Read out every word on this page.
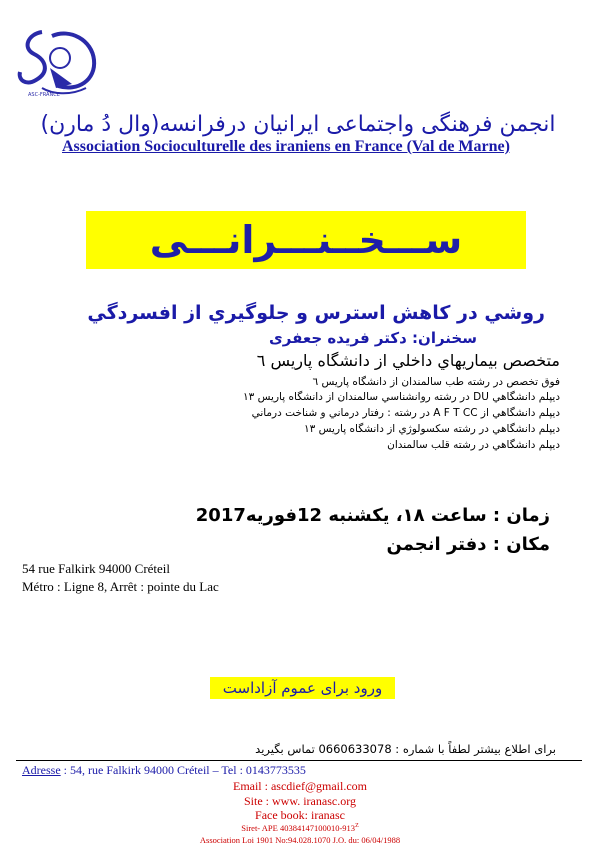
ASC-FRANCE
انجمن فرهنگی واجتماعی ایرانیان درفرانسه(وال دُ مارن)
Association Socioculturelle des iraniens en France (Val de Marne)
ســـخــنـــرانـــی
روشي در كاهش استرس و جلوگيري از افسردگي
سخنران: دکتر فریده جعفری
متخصص بيماريهاي داخلي از دانشگاه پاريس ٦
فوق تخصص در رشته طب سالمندان از دانشگاه پاريس ٦
ديپلم دانشگاهي DU در رشته روانشناسي سالمندان از دانشگاه پاريس ١٣
ديپلم دانشگاهي از A F T CC در رشته : رفتار درماني و شناخت درماني
ديپلم دانشگاهي در رشته سكسولوژي از دانشگاه پاريس ١٣
ديپلم دانشگاهي در رشته قلب سالمندان
زمان : ساعت ١٨، يكشنبه 12فوريه2017
مکان : دفتر انجمن
54 rue Falkirk 94000 Créteil
Métro : Ligne 8, Arrêt : pointe du Lac
ورود برای عموم آزاداست
برای اطلاع بیشتر لطفاً با شماره : 0660633078 تماس بگیرید
Adresse : 54, rue Falkirk 94000 Créteil – Tel : 0143773535
Email : ascdief@gmail.com
Site : www. iranasc.org
Face book: iranasc
Siret- APE $40384147100010-913^Z$
Association Loi 1901 No:94.028.1070 J.O. du: 06/04/1988
